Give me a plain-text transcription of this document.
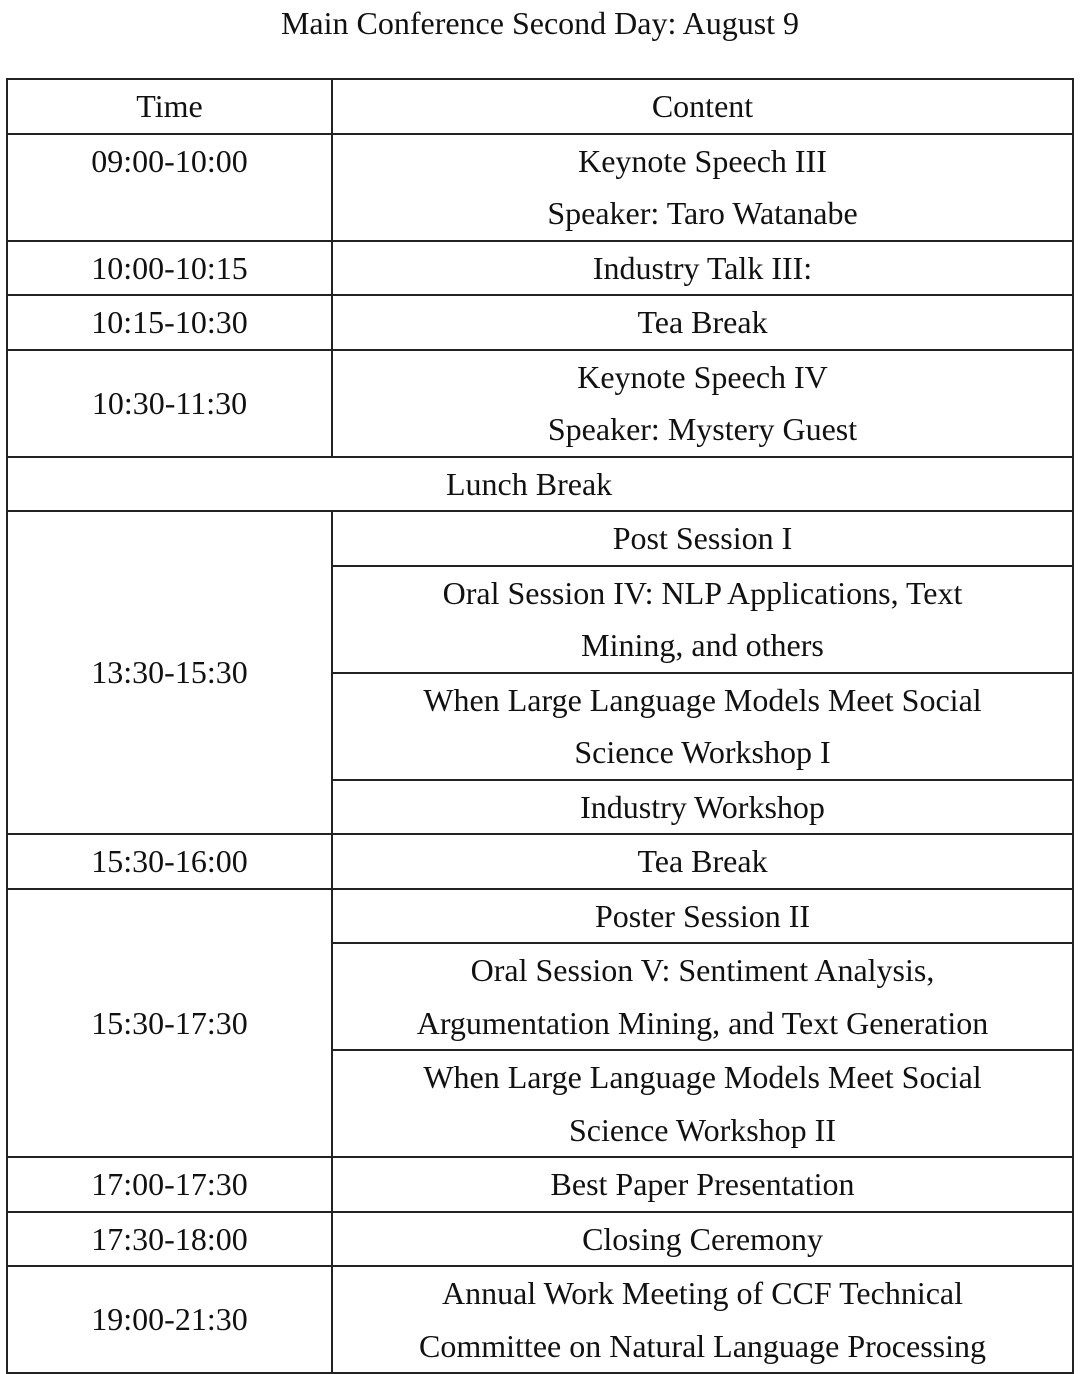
Main Conference Second Day: August 9
Time	Content
09:00-10:00	Keynote Speech III
Speaker: Taro Watanabe
10:00-10:15	Industry Talk III:
10:15-10:30	Tea Break
10:30-11:30	Keynote Speech IV
Speaker: Mystery Guest
Lunch Break	
13:30-15:30	Post Session I
	Oral Session IV: NLP Applications, Text
Mining, and others
	When Large Language Models Meet Social
Science Workshop I
	Industry Workshop
15:30-16:00	Tea Break
15:30-17:30	Poster Session II
	Oral Session V: Sentiment Analysis,
Argumentation Mining, and Text Generation
	When Large Language Models Meet Social
Science Workshop II
17:00-17:30	Best Paper Presentation
17:30-18:00	Closing Ceremony
19:00-21:30	Annual Work Meeting of CCF Technical
Committee on Natural Language Processing
